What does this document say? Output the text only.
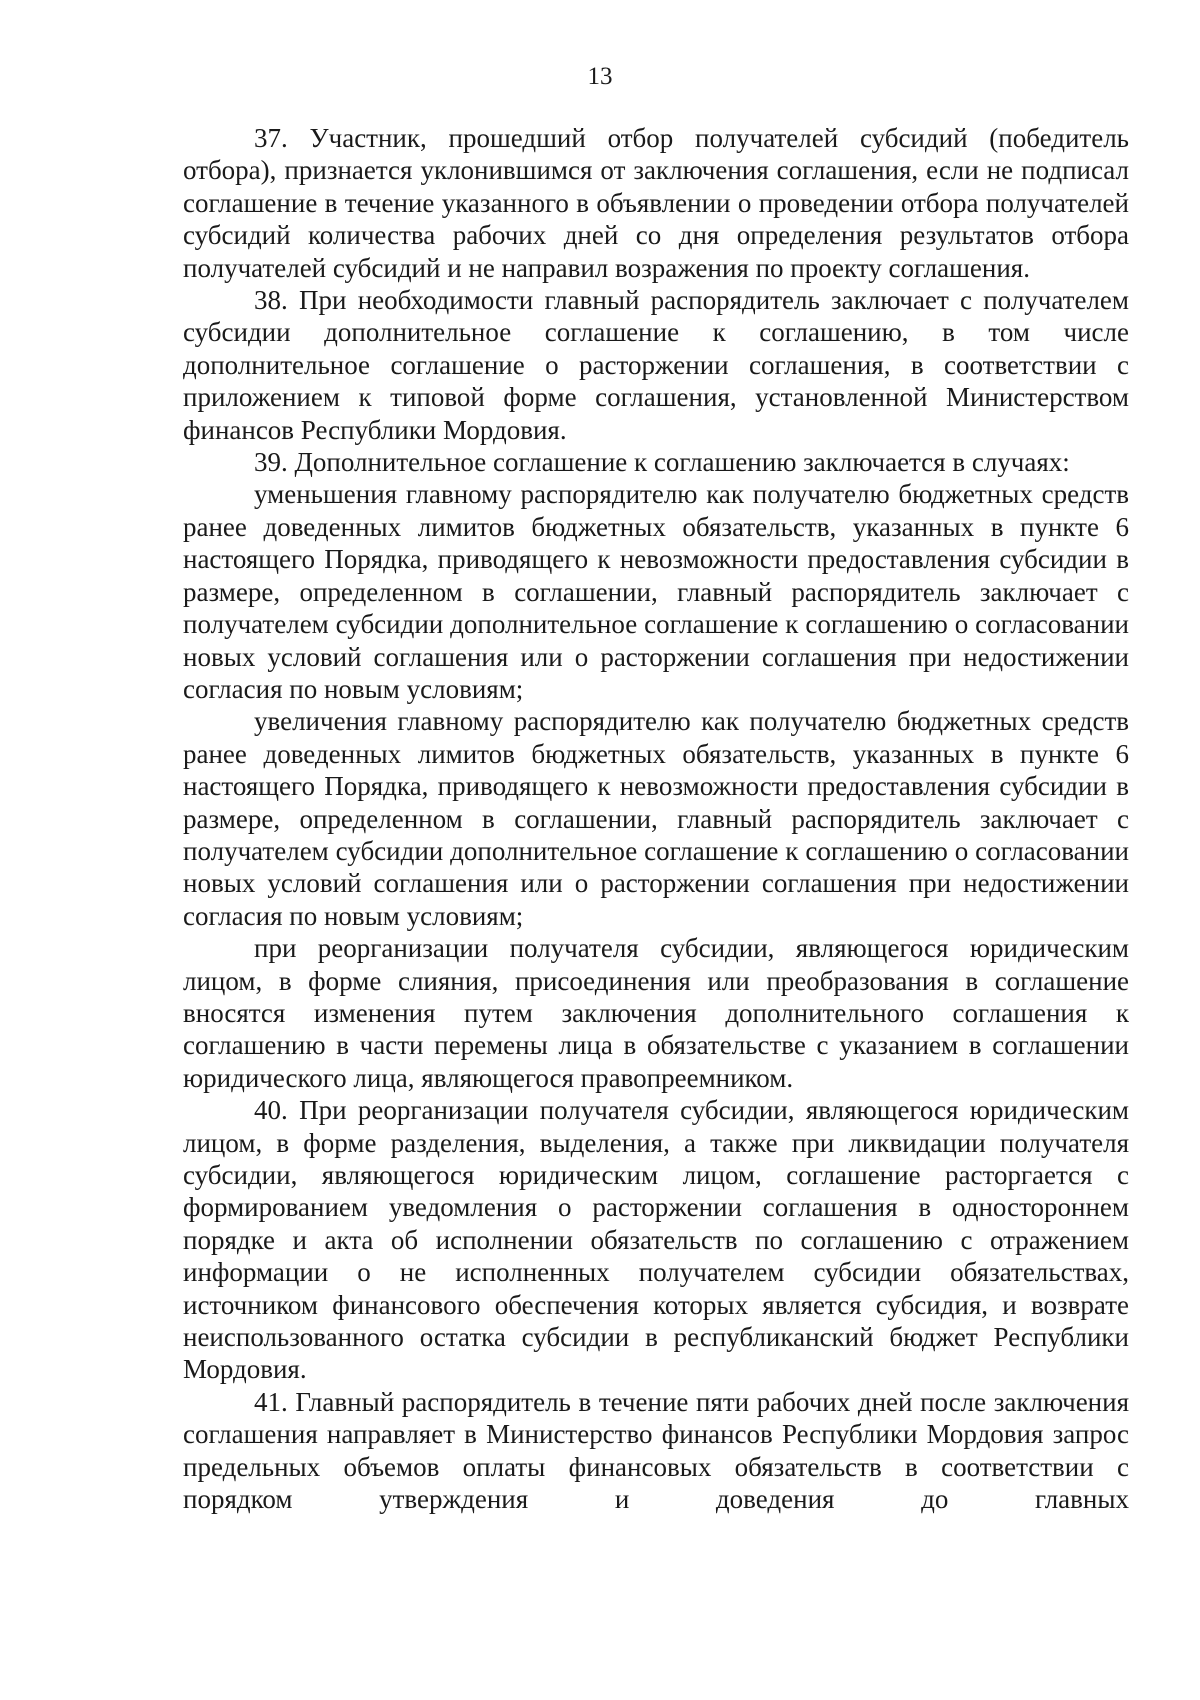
13

37. Участник, прошедший отбор получателей субсидий (победитель отбора), признается уклонившимся от заключения соглашения, если не подписал соглашение в течение указанного в объявлении о проведении отбора получателей субсидий количества рабочих дней со дня определения результатов отбора получателей субсидий и не направил возражения по проекту соглашения.

38. При необходимости главный распорядитель заключает с получателем субсидии дополнительное соглашение к соглашению, в том числе дополнительное соглашение о расторжении соглашения, в соответствии с приложением к типовой форме соглашения, установленной Министерством финансов Республики Мордовия.

39. Дополнительное соглашение к соглашению заключается в случаях:

уменьшения главному распорядителю как получателю бюджетных средств ранее доведенных лимитов бюджетных обязательств, указанных в пункте 6 настоящего Порядка, приводящего к невозможности предоставления субсидии в размере, определенном в соглашении, главный распорядитель заключает с получателем субсидии дополнительное соглашение к соглашению о согласовании новых условий соглашения или о расторжении соглашения при недостижении согласия по новым условиям;

увеличения главному распорядителю как получателю бюджетных средств ранее доведенных лимитов бюджетных обязательств, указанных в пункте 6 настоящего Порядка, приводящего к невозможности предоставления субсидии в размере, определенном в соглашении, главный распорядитель заключает с получателем субсидии дополнительное соглашение к соглашению о согласовании новых условий соглашения или о расторжении соглашения при недостижении согласия по новым условиям;

при реорганизации получателя субсидии, являющегося юридическим лицом, в форме слияния, присоединения или преобразования в соглашение вносятся изменения путем заключения дополнительного соглашения к соглашению в части перемены лица в обязательстве с указанием в соглашении юридического лица, являющегося правопреемником.

40. При реорганизации получателя субсидии, являющегося юридическим лицом, в форме разделения, выделения, а также при ликвидации получателя субсидии, являющегося юридическим лицом, соглашение расторгается с формированием уведомления о расторжении соглашения в одностороннем порядке и акта об исполнении обязательств по соглашению с отражением информации о не исполненных получателем субсидии обязательствах, источником финансового обеспечения которых является субсидия, и возврате неиспользованного остатка субсидии в республиканский бюджет Республики Мордовия.

41. Главный распорядитель в течение пяти рабочих дней после заключения соглашения направляет в Министерство финансов Республики Мордовия запрос предельных объемов оплаты финансовых обязательств в соответствии с порядком утверждения и доведения до главных
